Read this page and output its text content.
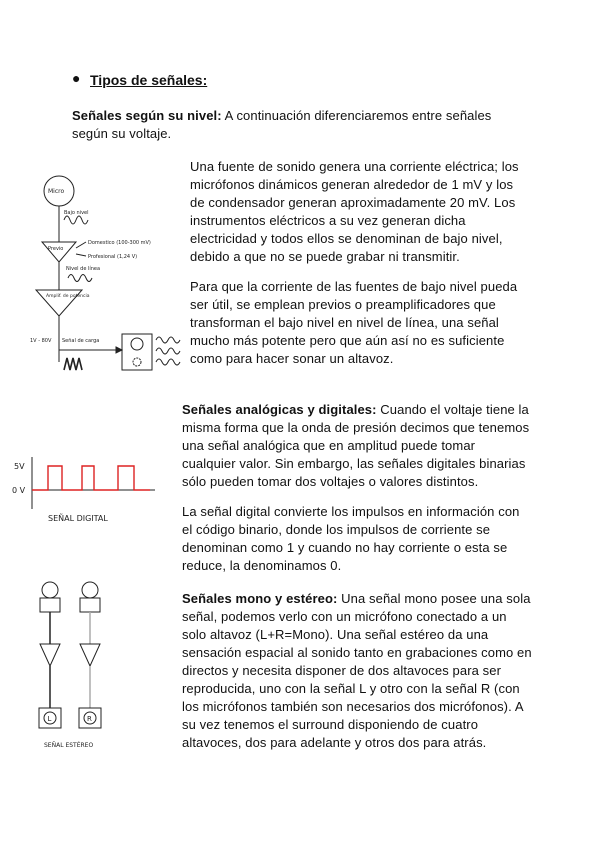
● Tipos de señales:
Señales según su nivel: A continuación diferenciaremos entre señales según su voltaje.
Una fuente de sonido genera una corriente eléctrica; los micrófonos dinámicos generan alrededor de 1 mV y los de condensador generan aproximadamente 20 mV. Los instrumentos eléctricos a su vez generan dicha electricidad y todos ellos se denominan de bajo nivel, debido a que no se puede grabar ni transmitir.
Para que la corriente de las fuentes de bajo nivel pueda ser útil, se emplean previos o preamplificadores que transforman el bajo nivel en nivel de línea, una señal mucho más potente pero que aún así no es suficiente como para hacer sonar un altavoz.
Micro
Bajo nivel
Previo
Domestico (100-300 mV)
Profesional (1,24 V)
Nivel de línea
Amplif. de potencia
1V - 80V Señal de carga
Señales analógicas y digitales: Cuando el voltaje tiene la misma forma que la onda de presión decimos que tenemos una señal analógica que en amplitud puede tomar cualquier valor. Sin embargo, las señales digitales binarias sólo pueden tomar dos voltajes o valores distintos.
La señal digital convierte los impulsos en información con el código binario, donde los impulsos de corriente se denominan como 1 y cuando no hay corriente o esta se reduce, la denominamos 0.
5V
0 V
SEÑAL DIGITAL
Señales mono y estéreo: Una señal mono posee una sola señal, podemos verlo con un micrófono conectado a un solo altavoz (L+R=Mono). Una señal estéreo da una sensación espacial al sonido tanto en grabaciones como en directos y necesita disponer de dos altavoces para ser reproducida, uno con la señal L y otro con la señal R (con los micrófonos también son necesarios dos micrófonos). A su vez tenemos el surround disponiendo de cuatro altavoces, dos para adelante y otros dos para atrás.
L	R
SEÑAL ESTÉREO
